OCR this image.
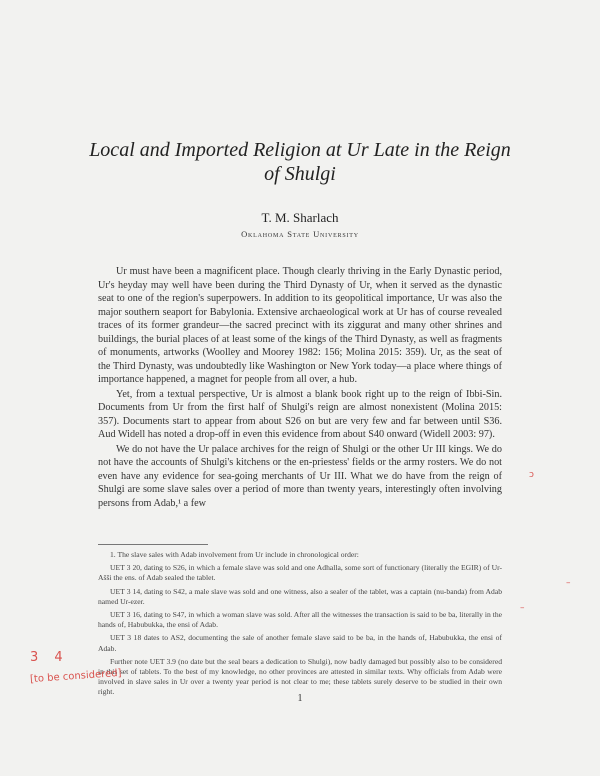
Local and Imported Religion at Ur Late in the Reign of Shulgi
T. M. Sharlach
Oklahoma State University

Ur must have been a magnificent place. Though clearly thriving in the Early Dynastic period, Ur's heyday may well have been during the Third Dynasty of Ur, when it served as the dynastic seat to one of the region's superpowers. In addition to its geopolitical importance, Ur was also the major southern seaport for Babylonia. Extensive archaeological work at Ur has of course revealed traces of its former grandeur—the sacred precinct with its ziggurat and many other shrines and buildings, the burial places of at least some of the kings of the Third Dynasty, as well as fragments of monuments, artworks (Woolley and Moorey 1982: 156; Molina 2015: 359). Ur, as the seat of the Third Dynasty, was undoubtedly like Washington or New York today—a place where things of importance happened, a magnet for people from all over, a hub.

Yet, from a textual perspective, Ur is almost a blank book right up to the reign of Ibbi-Sin. Documents from Ur from the first half of Shulgi's reign are almost nonexistent (Molina 2015: 357). Documents start to appear from about S26 on but are very few and far between until S36. Aud Widell has noted a drop-off in even this evidence from about S40 onward (Widell 2003: 97).

We do not have the Ur palace archives for the reign of Shulgi or the other Ur III kings. We do not have the accounts of Shulgi's kitchens or the en-priestess' fields or the army rosters. We do not even have any evidence for sea-going merchants of Ur III. What we do have from the reign of Shulgi are some slave sales over a period of more than twenty years, interestingly often involving persons from Adab,¹ a few

1. The slave sales with Adab involvement from Ur include in chronological order:

UET 3 20, dating to S26, in which a female slave was sold and one Adhalla, some sort of functionary (literally the EGIR) of Ur-Ašši the ens. of Adab sealed the tablet.

UET 3 14, dating to S42, a male slave was sold and one witness, also a sealer of the tablet, was a captain (nu-banda) from Adab named Ur-ezer.

UET 3 16, dating to S47, in which a woman slave was sold. After all the witnesses the transaction is said to be ba, literally in the hands of, Habubukka, the ensi of Adab.

UET 3 18 dates to AS2, documenting the sale of another female slave said to be ba, in the hands of, Habubukka, the ensi of Adab.

Further note UET 3.9 (no date but the seal bears a dedication to Shulgi), now badly damaged but possibly also to be considered in this set of tablets. To the best of my knowledge, no other provinces are attested in similar texts. Why officials from Adab were involved in slave sales in Ur over a twenty year period is not clear to me; these tablets surely deserve to be studied in their own right.

1
3 4
[to be considered]
–
ↄ
–
